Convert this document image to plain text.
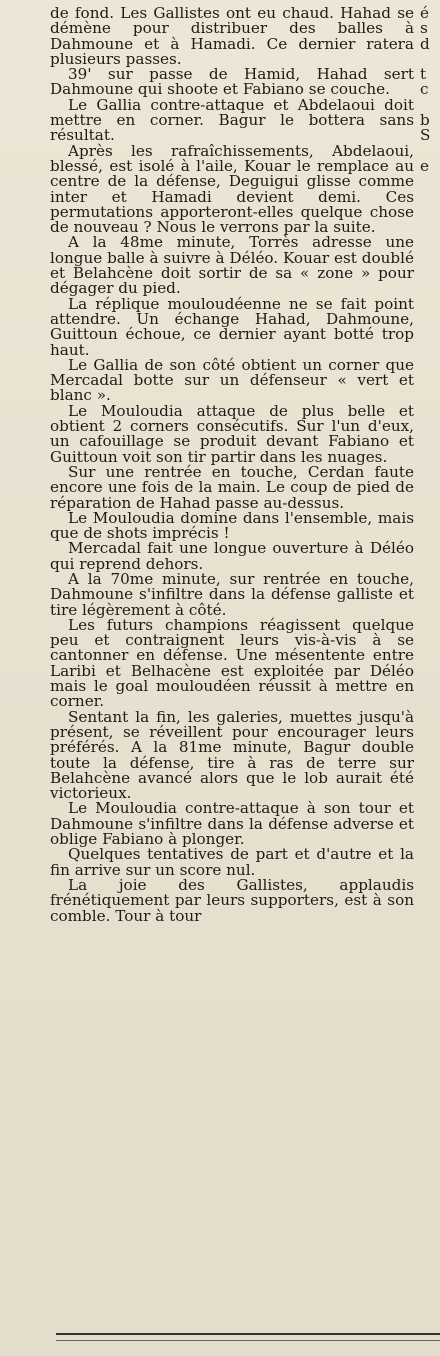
de fond. Les Gallistes ont eu chaud. Hahad se démène pour distribuer des balles à Dahmoune et à Hamadi. Ce dernier ratera plusieurs passes.

39' sur passe de Hamid, Hahad sert Dahmoune qui shoote et Fabiano se couche.

Le Gallia contre-attaque et Abdelaoui doit mettre en corner. Bagur le bottera sans résultat.

Après les rafraîchissements, Abdelaoui, blessé, est isolé à l'aile, Kouar le remplace au centre de la défense, Deguigui glisse comme inter et Hamadi devient demi. Ces permutations apporteront-elles quelque chose de nouveau ? Nous le verrons par la suite.

A la 48me minute, Torrès adresse une longue balle à suivre à Déléo. Kouar est doublé et Belahcène doit sortir de sa « zone » pour dégager du pied.

La réplique mouloudéenne ne se fait point attendre. Un échange Hahad, Dahmoune, Guittoun échoue, ce dernier ayant botté trop haut.

Le Gallia de son côté obtient un corner que Mercadal botte sur un défenseur « vert et blanc ».

Le Mouloudia attaque de plus belle et obtient 2 corners consécutifs. Sur l'un d'eux, un cafouillage se produit devant Fabiano et Guittoun voit son tir partir dans les nuages.

Sur une rentrée en touche, Cerdan faute encore une fois de la main. Le coup de pied de réparation de Hahad passe au-dessus.

Le Mouloudia domine dans l'ensemble, mais que de shots imprécis !

Mercadal fait une longue ouverture à Déléo qui reprend dehors.

A la 70me minute, sur rentrée en touche, Dahmoune s'infiltre dans la défense galliste et tire légèrement à côté.

Les futurs champions réagissent quelque peu et contraignent leurs vis-à-vis à se cantonner en défense. Une mésentente entre Laribi et Belhacène est exploitée par Déléo mais le goal mouloudéen réussit à mettre en corner.

Sentant la fin, les galeries, muettes jusqu'à présent, se réveillent pour encourager leurs préférés. A la 81me minute, Bagur double toute la défense, tire à ras de terre sur Belahcène avancé alors que le lob aurait été victorieux.

Le Mouloudia contre-attaque à son tour et Dahmoune s'infiltre dans la défense adverse et oblige Fabiano à plonger.

Quelques tentatives de part et d'autre et la fin arrive sur un score nul.

La joie des Gallistes, applaudis frénétiquement par leurs supporters, est à son comble. Tour à tour

é
s
d
t
c
b
S
e
